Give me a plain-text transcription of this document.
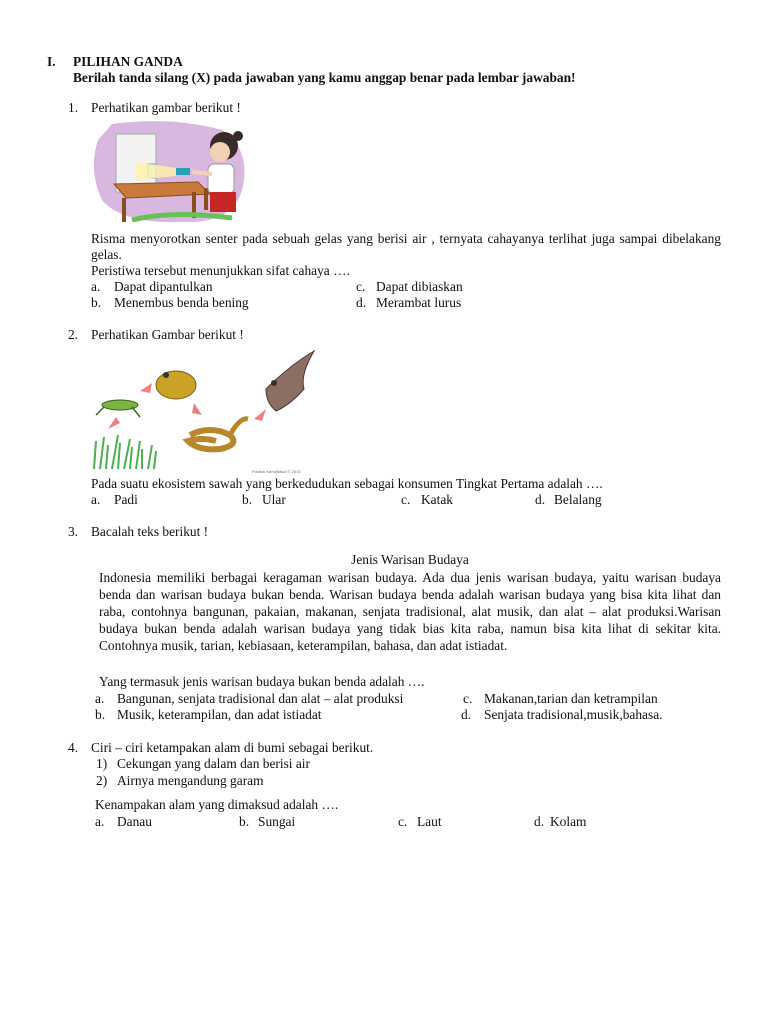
I. PILIHAN GANDA
Berilah tanda silang (X) pada jawaban yang kamu anggap benar pada lembar jawaban!
1. Perhatikan gambar berikut !
Risma menyorotkan senter pada sebuah gelas yang berisi air , ternyata cahayanya terlihat juga sampai dibelakang gelas.
Peristiwa tersebut menunjukkan sifat cahaya ….
a. Dapat dipantulkan
b. Menembus benda bening
c. Dapat dibiaskan
d. Merambat lurus
2. Perhatikan Gambar berikut !
Pusbuk Kemdikbud © 2013
Pada suatu ekosistem sawah yang berkedudukan sebagai konsumen Tingkat Pertama adalah ….
a. Padi	b. Ular	c. Katak	d. Belalang
3. Bacalah teks berikut !
Jenis Warisan Budaya
Indonesia memiliki berbagai keragaman warisan budaya. Ada dua jenis warisan budaya, yaitu warisan budaya benda dan warisan budaya bukan benda. Warisan budaya benda adalah warisan budaya yang bisa kita lihat dan raba, contohnya bangunan, pakaian, makanan, senjata tradisional, alat musik, dan alat – alat produksi.Warisan budaya bukan benda adalah warisan budaya yang tidak bias kita raba, namun bisa kita lihat di sekitar kita. Contohnya musik, tarian, kebiasaan, keterampilan, bahasa, dan adat istiadat.
Yang termasuk jenis warisan budaya bukan benda adalah ….
a. Bangunan, senjata tradisional dan alat – alat produksi
b. Musik, keterampilan, dan adat istiadat
c. Makanan,tarian dan ketrampilan
d. Senjata tradisional,musik,bahasa.
4. Ciri – ciri ketampakan alam di bumi sebagai berikut.
1) Cekungan yang dalam dan berisi air
2) Airnya mengandung garam
Kenampakan alam yang dimaksud adalah ….
a. Danau	b. Sungai	c. Laut	d. Kolam
